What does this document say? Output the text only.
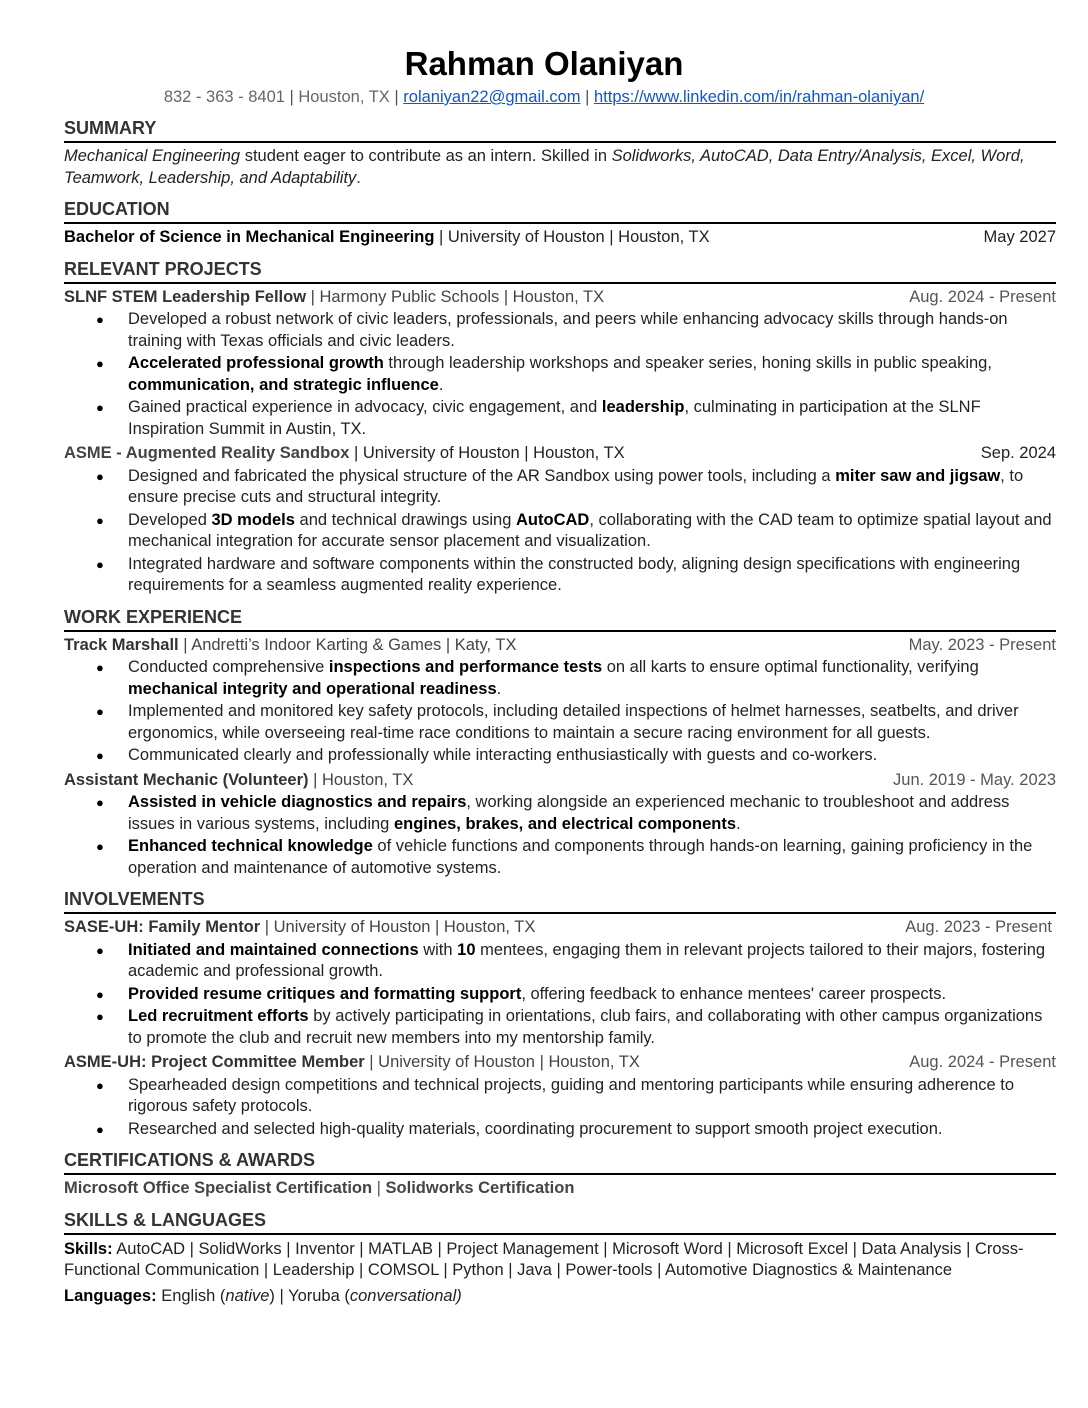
Rahman Olaniyan
832 - 363 - 8401 | Houston, TX | rolaniyan22@gmail.com | https://www.linkedin.com/in/rahman-olaniyan/
SUMMARY
Mechanical Engineering student eager to contribute as an intern. Skilled in Solidworks, AutoCAD, Data Entry/Analysis, Excel, Word, Teamwork, Leadership, and Adaptability.
EDUCATION
Bachelor of Science in Mechanical Engineering | University of Houston | Houston, TX	May 2027
RELEVANT PROJECTS
SLNF STEM Leadership Fellow | Harmony Public Schools | Houston, TX	Aug. 2024 - Present
● Developed a robust network of civic leaders, professionals, and peers while enhancing advocacy skills through hands-on training with Texas officials and civic leaders.
● Accelerated professional growth through leadership workshops and speaker series, honing skills in public speaking, communication, and strategic influence.
● Gained practical experience in advocacy, civic engagement, and leadership, culminating in participation at the SLNF Inspiration Summit in Austin, TX.
ASME - Augmented Reality Sandbox | University of Houston | Houston, TX	Sep. 2024
● Designed and fabricated the physical structure of the AR Sandbox using power tools, including a miter saw and jigsaw, to ensure precise cuts and structural integrity.
● Developed 3D models and technical drawings using AutoCAD, collaborating with the CAD team to optimize spatial layout and mechanical integration for accurate sensor placement and visualization.
● Integrated hardware and software components within the constructed body, aligning design specifications with engineering requirements for a seamless augmented reality experience.
WORK EXPERIENCE
Track Marshall | Andretti’s Indoor Karting & Games | Katy, TX	May. 2023 - Present
● Conducted comprehensive inspections and performance tests on all karts to ensure optimal functionality, verifying mechanical integrity and operational readiness.
● Implemented and monitored key safety protocols, including detailed inspections of helmet harnesses, seatbelts, and driver ergonomics, while overseeing real-time race conditions to maintain a secure racing environment for all guests.
● Communicated clearly and professionally while interacting enthusiastically with guests and co-workers.
Assistant Mechanic (Volunteer) | Houston, TX	Jun. 2019 - May. 2023
● Assisted in vehicle diagnostics and repairs, working alongside an experienced mechanic to troubleshoot and address issues in various systems, including engines, brakes, and electrical components.
● Enhanced technical knowledge of vehicle functions and components through hands-on learning, gaining proficiency in the operation and maintenance of automotive systems.
INVOLVEMENTS
SASE-UH: Family Mentor | University of Houston | Houston, TX	Aug. 2023 - Present
● Initiated and maintained connections with 10 mentees, engaging them in relevant projects tailored to their majors, fostering academic and professional growth.
● Provided resume critiques and formatting support, offering feedback to enhance mentees' career prospects.
● Led recruitment efforts by actively participating in orientations, club fairs, and collaborating with other campus organizations to promote the club and recruit new members into my mentorship family.
ASME-UH: Project Committee Member | University of Houston | Houston, TX	Aug. 2024 - Present
● Spearheaded design competitions and technical projects, guiding and mentoring participants while ensuring adherence to rigorous safety protocols.
● Researched and selected high-quality materials, coordinating procurement to support smooth project execution.
CERTIFICATIONS & AWARDS
Microsoft Office Specialist Certification | Solidworks Certification
SKILLS & LANGUAGES
Skills: AutoCAD | SolidWorks | Inventor | MATLAB | Project Management | Microsoft Word | Microsoft Excel | Data Analysis | Cross-Functional Communication | Leadership | COMSOL | Python | Java | Power-tools | Automotive Diagnostics & Maintenance
Languages: English (native) | Yoruba (conversational)
